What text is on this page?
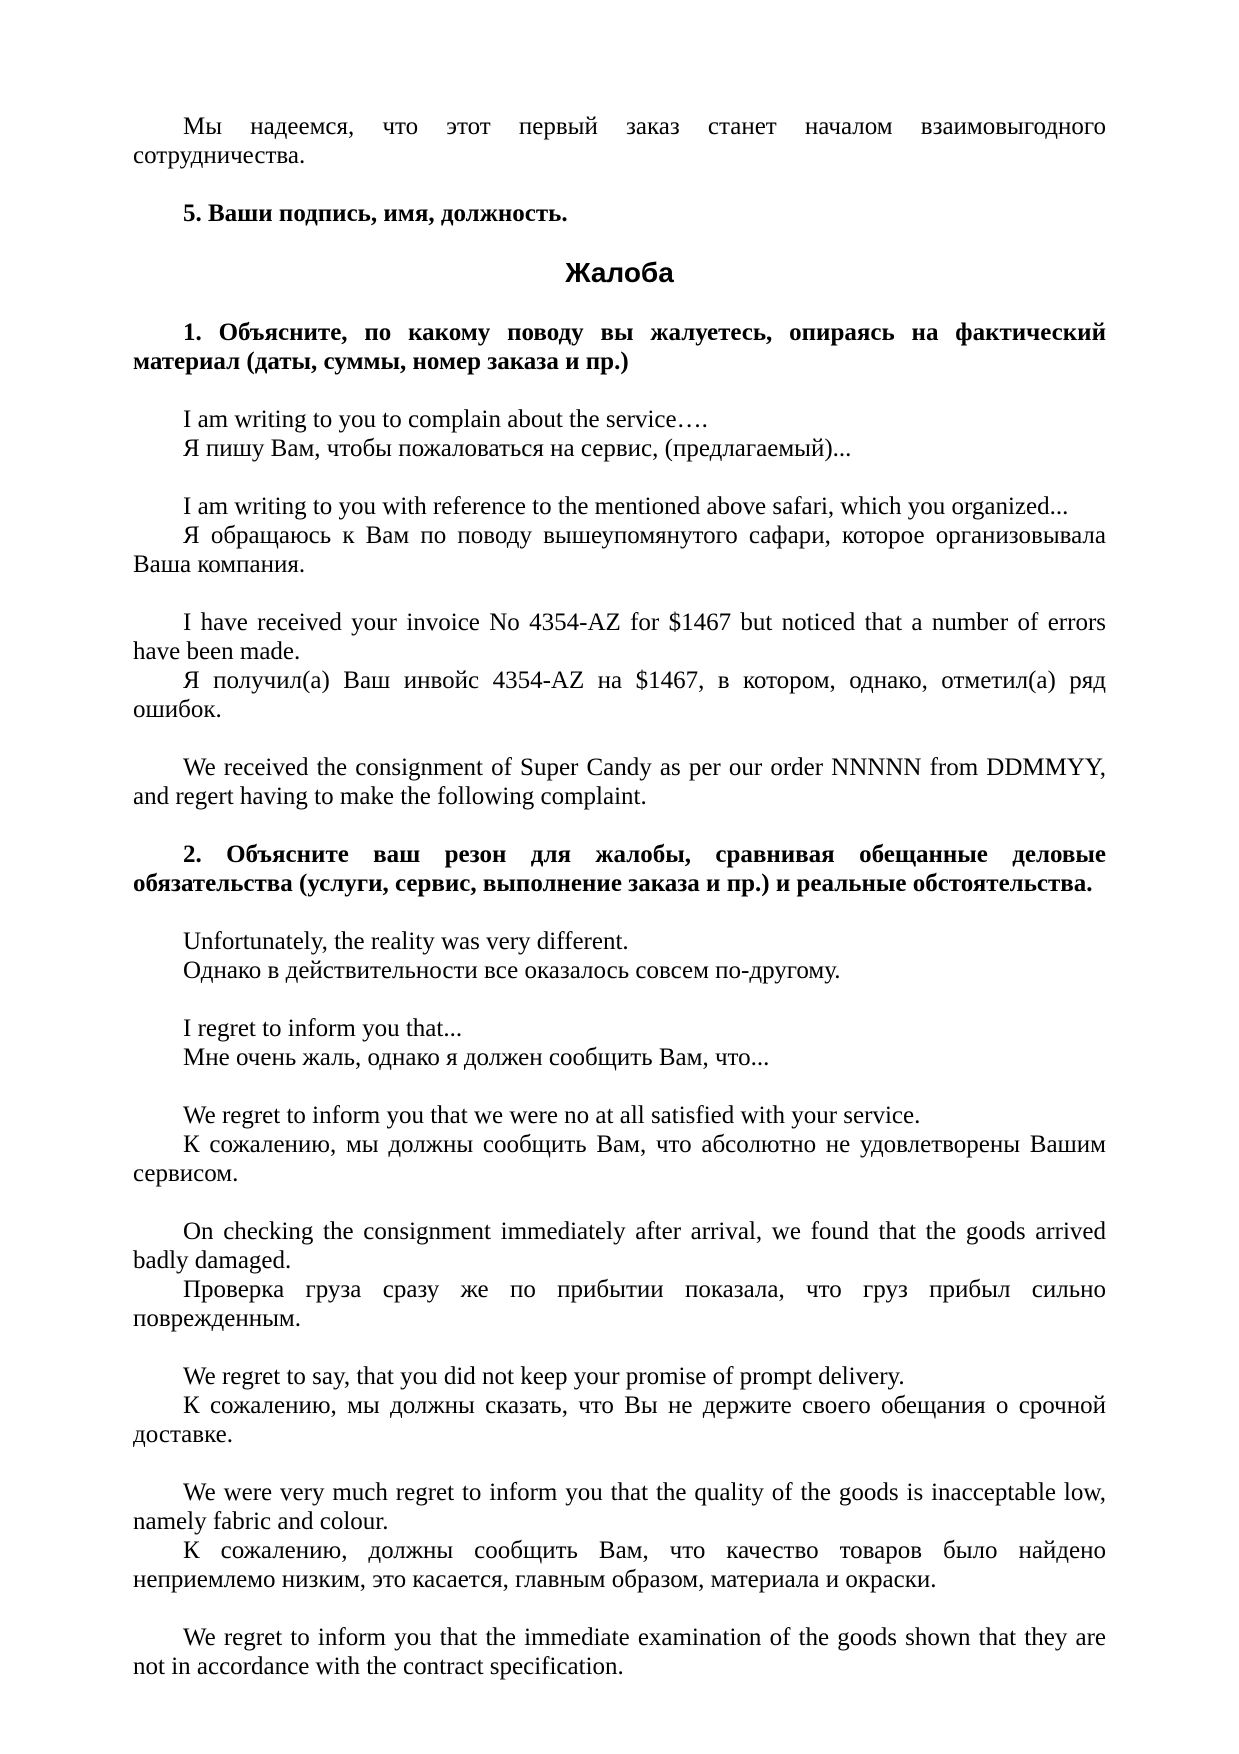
Мы надеемся, что этот первый заказ станет началом взаимовыгодного сотрудничества.

5. Ваши подпись, имя, должность.

Жалоба

1. Объясните, по какому поводу вы жалуетесь, опираясь на фактический материал (даты, суммы, номер заказа и пр.)

I am writing to you to complain about the service….

Я пишу Вам, чтобы пожаловаться на сервис, (предлагаемый)...

I am writing to you with reference to the mentioned above safari, which you organized...

Я обращаюсь к Вам по поводу вышеупомянутого сафари, которое организовывала Ваша компания.

I have received your invoice No 4354-AZ for $1467 but noticed that a number of errors have been made.

Я получил(а) Ваш инвойс 4354-AZ на $1467, в котором, однако, отметил(а) ряд ошибок.

We received the consignment of Super Candy as per our order NNNNN from DDMMYY, and regert having to make the following complaint.

2. Объясните ваш резон для жалобы, сравнивая обещанные деловые обязательства (услуги, сервис, выполнение заказа и пр.) и реальные обстоятельства.

Unfortunately, the reality was very different.

Однако в действительности все оказалось совсем по-другому.

I regret to inform you that...

Мне очень жаль, однако я должен сообщить Вам, что...

We regret to inform you that we were no at all satisfied with your service.

К сожалению, мы должны сообщить Вам, что абсолютно не удовлетворены Вашим сервисом.

On checking the consignment immediately after arrival, we found that the goods arrived badly damaged.

Проверка груза сразу же по прибытии показала, что груз прибыл сильно поврежденным.

We regret to say, that you did not keep your promise of prompt delivery.

К сожалению, мы должны сказать, что Вы не держите своего обещания о срочной доставке.

We were very much regret to inform you that the quality of the goods is inacceptable low, namely fabric and colour.

К сожалению, должны сообщить Вам, что качество товаров было найдено неприемлемо низким, это касается, главным образом, материала и окраски.

We regret to inform you that the immediate examination of the goods shown that they are not in accordance with the contract specification.
